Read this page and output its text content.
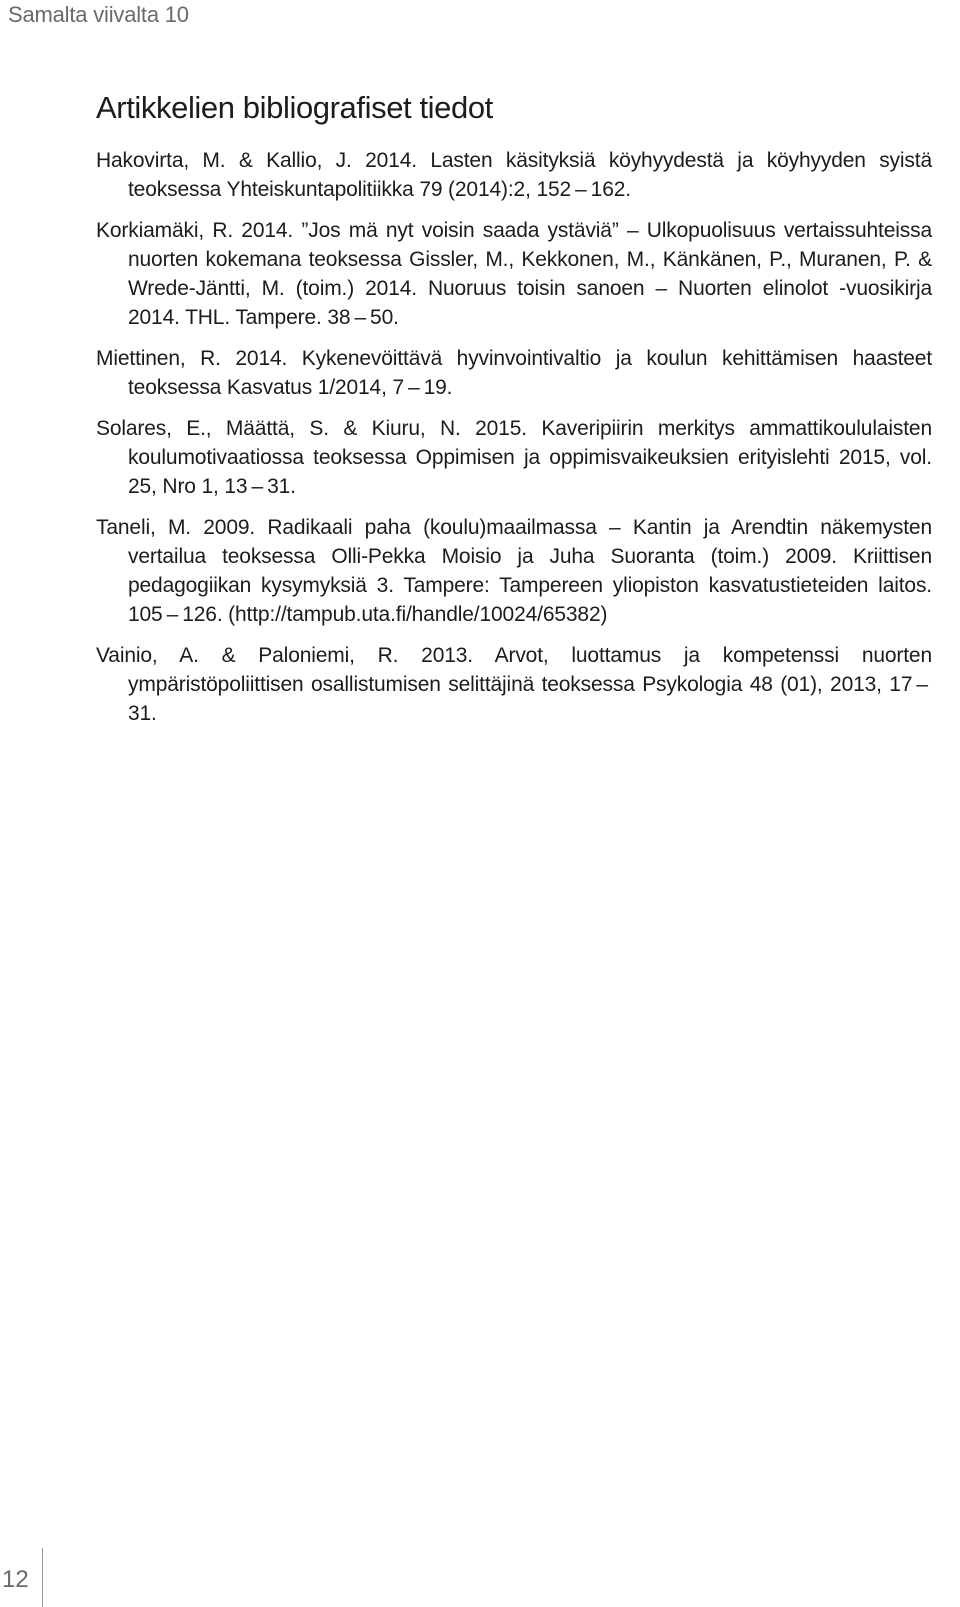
Samalta viivalta 10
Artikkelien bibliografiset tiedot
Hakovirta, M. & Kallio, J. 2014. Lasten käsityksiä köyhyydestä ja köyhyyden syistä teoksessa Yhteiskuntapolitiikka 79 (2014):2, 152 – 162.
Korkiamäki, R. 2014. ”Jos mä nyt voisin saada ystäviä” – Ulkopuolisuus vertaissuhteissa nuorten kokemana teoksessa Gissler, M., Kekkonen, M., Känkänen, P., Muranen, P. & Wrede-Jäntti, M. (toim.) 2014. Nuoruus toisin sanoen – Nuorten elinolot -vuosikirja 2014. THL. Tampere. 38 – 50.
Miettinen, R. 2014. Kykenevöittävä hyvinvointivaltio ja koulun kehittämisen haasteet teoksessa Kasvatus 1/2014, 7 – 19.
Solares, E., Määttä, S. & Kiuru, N. 2015. Kaveripiirin merkitys ammattikoululaisten koulumotivaatiossa teoksessa Oppimisen ja oppimisvaikeuksien erityislehti 2015, vol. 25, Nro 1, 13 – 31.
Taneli, M. 2009. Radikaali paha (koulu)maailmassa – Kantin ja Arendtin näkemysten vertailua teoksessa Olli-Pekka Moisio ja Juha Suoranta (toim.) 2009. Kriittisen pedagogiikan kysymyksiä 3. Tampere: Tampereen yliopiston kasvatustieteiden laitos. 105 – 126. (http://tampub.uta.fi/handle/10024/65382)
Vainio, A. & Paloniemi, R. 2013. Arvot, luottamus ja kompetenssi nuorten ympäristöpoliittisen osallistumisen selittäjinä teoksessa Psykologia 48 (01), 2013, 17 – 31.
12
